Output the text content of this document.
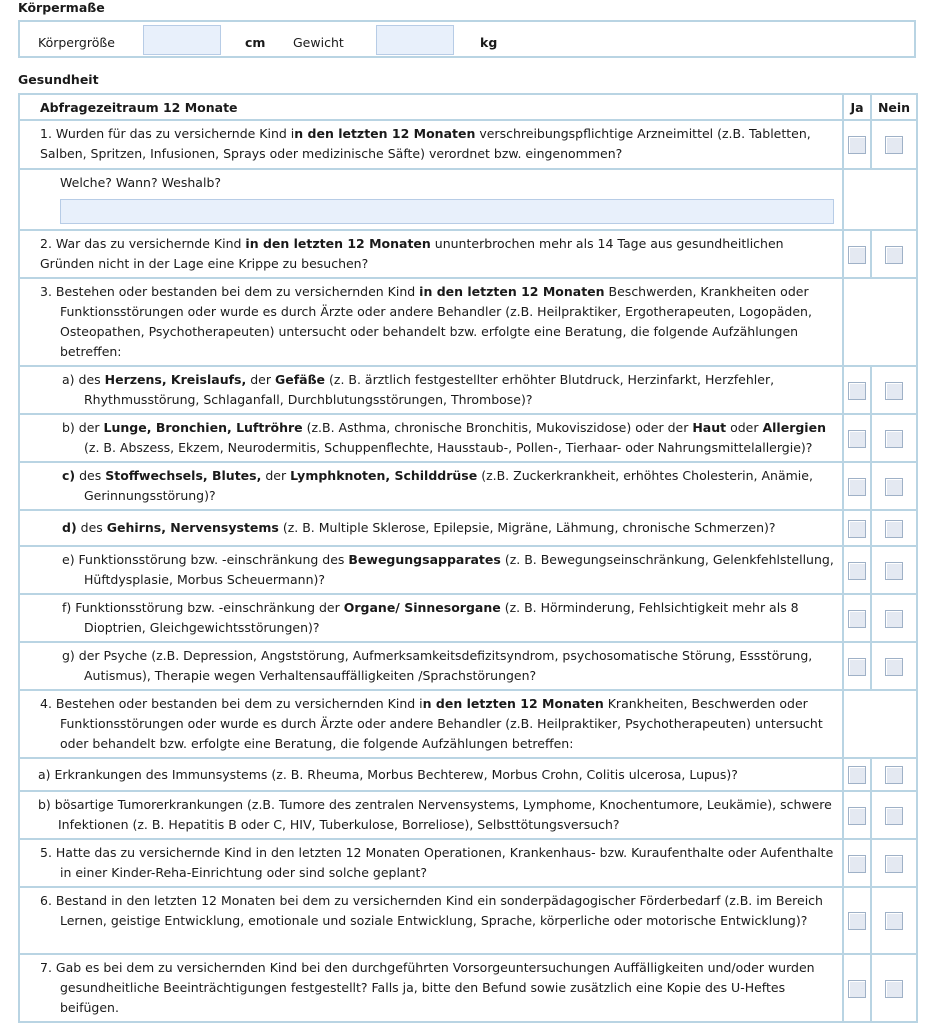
Körpermaße
Körpergröße	cm Gewicht	kg
Gesundheit
Abfragezeitraum 12 Monate	Ja	Nein
1. Wurden für das zu versichernde Kind in den letzten 12 Monaten verschreibungspflichtige Arzneimittel (z.B. Tabletten, Salben, Spritzen, Infusionen, Sprays oder medizinische Säfte) verordnet bzw. eingenommen?		
Welche? Wann? Weshalb?	

2. War das zu versichernde Kind in den letzten 12 Monaten ununterbrochen mehr als 14 Tage aus gesundheitlichen Gründen nicht in der Lage eine Krippe zu besuchen?		

3. Bestehen oder bestanden bei dem zu versichernden Kind in den letzten 12 Monaten Beschwerden, Krankheiten oder Funktionsstörungen oder wurde es durch Ärzte oder andere Behandler (z.B. Heilpraktiker, Ergotherapeuten, Logopäden, Osteopathen, Psychotherapeuten) untersucht oder behandelt bzw. erfolgte eine Beratung, die folgende Aufzählungen betreffen:		

a) des Herzens, Kreislaufs, der Gefäße (z. B. ärztlich festgestellter erhöhter Blutdruck, Herzinfarkt, Herzfehler, Rhythmusstörung, Schlaganfall, Durchblutungsstörungen, Thrombose)?		

b) der Lunge, Bronchien, Luftröhre (z.B. Asthma, chronische Bronchitis, Mukoviszidose) oder der Haut oder Allergien (z. B. Abszess, Ekzem, Neurodermitis, Schuppenflechte, Hausstaub-, Pollen-, Tierhaar- oder Nahrungsmittelallergie)?		

c) des Stoffwechsels, Blutes, der Lymphknoten, Schilddrüse (z.B. Zuckerkrankheit, erhöhtes Cholesterin, Anämie, Gerinnungsstörung)?		

d) des Gehirns, Nervensystems (z. B. Multiple Sklerose, Epilepsie, Migräne, Lähmung, chronische Schmerzen)?		

e) Funktionsstörung bzw. -einschränkung des Bewegungsapparates (z. B. Bewegungseinschränkung, Gelenkfehlstellung, Hüftdysplasie, Morbus Scheuermann)?		

f) Funktionsstörung bzw. -einschränkung der Organe/ Sinnesorgane (z. B. Hörminderung, Fehlsichtigkeit mehr als 8 Dioptrien, Gleichgewichtsstörungen)?		

g) der Psyche (z.B. Depression, Angststörung, Aufmerksamkeitsdefizitsyndrom, psychosomatische Störung, Essstörung, Autismus), Therapie wegen Verhaltensauffälligkeiten /Sprachstörungen?		

4. Bestehen oder bestanden bei dem zu versichernden Kind in den letzten 12 Monaten Krankheiten, Beschwerden oder Funktionsstörungen oder wurde es durch Ärzte oder andere Behandler (z.B. Heilpraktiker, Psychotherapeuten) untersucht oder behandelt bzw. erfolgte eine Beratung, die folgende Aufzählungen betreffen:		

a) Erkrankungen des Immunsystems (z. B. Rheuma, Morbus Bechterew, Morbus Crohn, Colitis ulcerosa, Lupus)?		

b) bösartige Tumorerkrankungen (z.B. Tumore des zentralen Nervensystems, Lymphome, Knochentumore, Leukämie), schwere Infektionen (z. B. Hepatitis B oder C, HIV, Tuberkulose, Borreliose), Selbsttötungsversuch?		

5. Hatte das zu versichernde Kind in den letzten 12 Monaten Operationen, Krankenhaus- bzw. Kuraufenthalte oder Aufenthalte in einer Kinder-Reha-Einrichtung oder sind solche geplant?		

6. Bestand in den letzten 12 Monaten bei dem zu versichernden Kind ein sonderpädagogischer Förderbedarf (z.B. im Bereich Lernen, geistige Entwicklung, emotionale und soziale Entwicklung, Sprache, körperliche oder motorische Entwicklung)?		

7. Gab es bei dem zu versichernden Kind bei den durchgeführten Vorsorgeuntersuchungen Auffälligkeiten und/oder wurden gesundheitliche Beeinträchtigungen festgestellt? Falls ja, bitte den Befund sowie zusätzlich eine Kopie des U-Heftes beifügen.		
